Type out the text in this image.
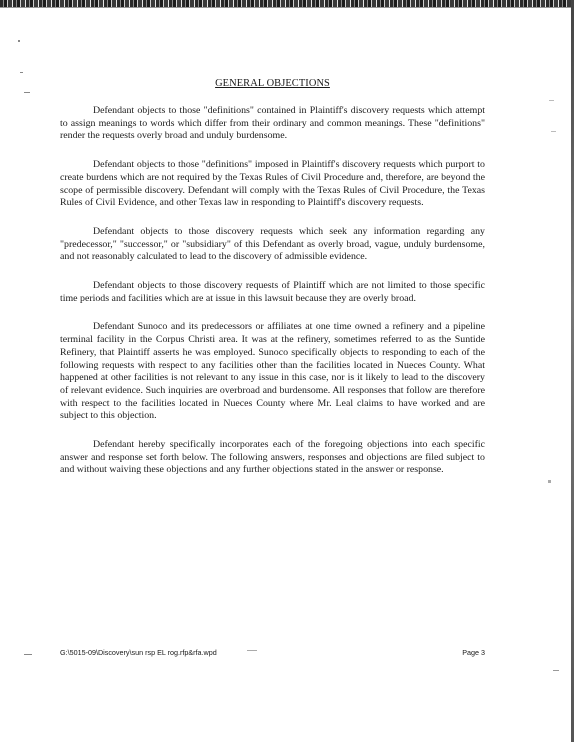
GENERAL OBJECTIONS

Defendant objects to those "definitions" contained in Plaintiff's discovery requests which attempt to assign meanings to words which differ from their ordinary and common meanings. These "definitions" render the requests overly broad and unduly burdensome.

Defendant objects to those "definitions" imposed in Plaintiff's discovery requests which purport to create burdens which are not required by the Texas Rules of Civil Procedure and, therefore, are beyond the scope of permissible discovery. Defendant will comply with the Texas Rules of Civil Procedure, the Texas Rules of Civil Evidence, and other Texas law in responding to Plaintiff's discovery requests.

Defendant objects to those discovery requests which seek any information regarding any "predecessor," "successor," or "subsidiary" of this Defendant as overly broad, vague, unduly burdensome, and not reasonably calculated to lead to the discovery of admissible evidence.

Defendant objects to those discovery requests of Plaintiff which are not limited to those specific time periods and facilities which are at issue in this lawsuit because they are overly broad.

Defendant Sunoco and its predecessors or affiliates at one time owned a refinery and a pipeline terminal facility in the Corpus Christi area. It was at the refinery, sometimes referred to as the Suntide Refinery, that Plaintiff asserts he was employed. Sunoco specifically objects to responding to each of the following requests with respect to any facilities other than the facilities located in Nueces County. What happened at other facilities is not relevant to any issue in this case, nor is it likely to lead to the discovery of relevant evidence. Such inquiries are overbroad and burdensome. All responses that follow are therefore with respect to the facilities located in Nueces County where Mr. Leal claims to have worked and are subject to this objection.

Defendant hereby specifically incorporates each of the foregoing objections into each specific answer and response set forth below. The following answers, responses and objections are filed subject to and without waiving these objections and any further objections stated in the answer or response.

G:\5015-09\Discovery\sun rsp EL rog.rfp&rfa.wpd	Page 3
